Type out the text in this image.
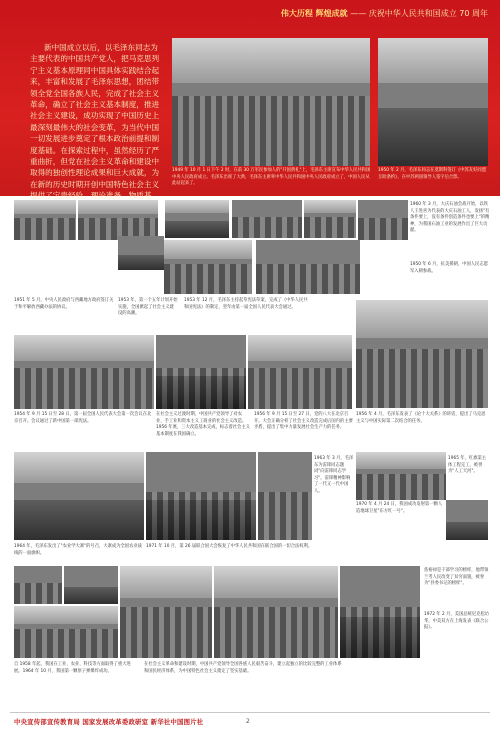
伟大历程 辉煌成就 —— 庆祝中华人民共和国成立 70 周年
新中国成立以后，以毛泽东同志为主要代表的中国共产党人，把马克思列宁主义基本原理同中国具体实践结合起来，丰富和发展了毛泽东思想，团结带领全党全国各族人民，完成了社会主义革命，确立了社会主义基本制度，推进社会主义建设，成功实现了中国历史上最深刻最伟大的社会变革，为当代中国一切发展进步奠定了根本政治前提和制度基础。在探索过程中，虽然经历了严重曲折，但党在社会主义革命和建设中取得的独创性理论成果和巨大成就，为在新的历史时期开创中国特色社会主义提供了宝贵经验、理论准备、物质基
1949 年 10 月 1 日下午 2 时，在前 30 万军民参加人的"开国典礼"上，毛泽东主席宣布中华人民共和国中央人民政府成立。毛泽东出席了大典，毛泽东主席率中华人民共和国中央人民政府成立了，中国人民从此站起来了。
1950 年 2 月，毛泽东同志在莫斯科签订《中苏友好同盟互助条约》，在中苏两国领导人签字后合影。
1960 年 3 月，大庆石油会战开始，以铁人王进喜为代表的大庆石油工人，发扬"有条件要上，没有条件创造条件也要上"的精神，为我国石油工业的发展作出了巨大贡献。
1950 年 6 月，抗美援朝，中国人民志愿军入朝参战。
1951 年 5 月，中央人民政府与西藏地方政府签订关于和平解放西藏办法的协议。
1953 年，第一个五年计划开始实施，全国掀起了社会主义建设的高潮。
1953 年 12 月，毛泽东主持起草宪法草案，完成了《中华人民共和国宪法》的制定，翌年由第一届全国人民代表大会通过。
1954 年 9 月 15 日至 28 日，第一届全国人民代表大会第一次会议在北京召开。会议通过了新中国第一部宪法。
在社会主义过渡时期，中国共产党领导了对农业、手工业和资本主义工商业的社会主义改造。1956 年底，三大改造基本完成，标志着社会主义基本制度在我国确立。
1956 年 9 月 15 日至 27 日，党的八大在北京召开。大会正确分析了社会主义改造完成后国内的主要矛盾，提出了集中力量发展社会生产力的任务。
1956 年 4 月，毛泽东发表了《论十大关系》的讲话，提出了马克思主义与中国实际第二次结合的任务。
1963 年 3 月，毛泽东为雷锋同志题词"向雷锋同志学习"。雷锋精神影响了一代又一代中国人。
1965 年，红旗渠主体工程完工，被誉为"人工天河"。
1970 年 4 月 24 日，我国成功发射第一颗人造地球卫星"东方红一号"。
1964 年，毛泽东发出了"农业学大寨"的号召，大寨成为全国农业战线的一面旗帜。
1971 年 10 月，第 26 届联合国大会恢复了中华人民共和国在联合国的一切合法权利。
焦裕禄是干部学习的榜样，他带领兰考人民改变了贫穷面貌，被誉为"县委书记的榜样"。
1972 年 2 月，美国总统尼克松访华，中美双方在上海发表《联合公报》。
自 1958 年起，我国在工业、农业、科技等方面取得了重大进展。1964 年 10 月，我国第一颗原子弹爆炸成功。
在社会主义革命和建设时期，中国共产党领导全国各族人民艰苦奋斗，建立起独立的比较完整的工业体系和国民经济体系，为中国特色社会主义奠定了坚实基础。
中央宣传部宣传教育局 国家发展改革委政研室 新华社中国图片社	2
